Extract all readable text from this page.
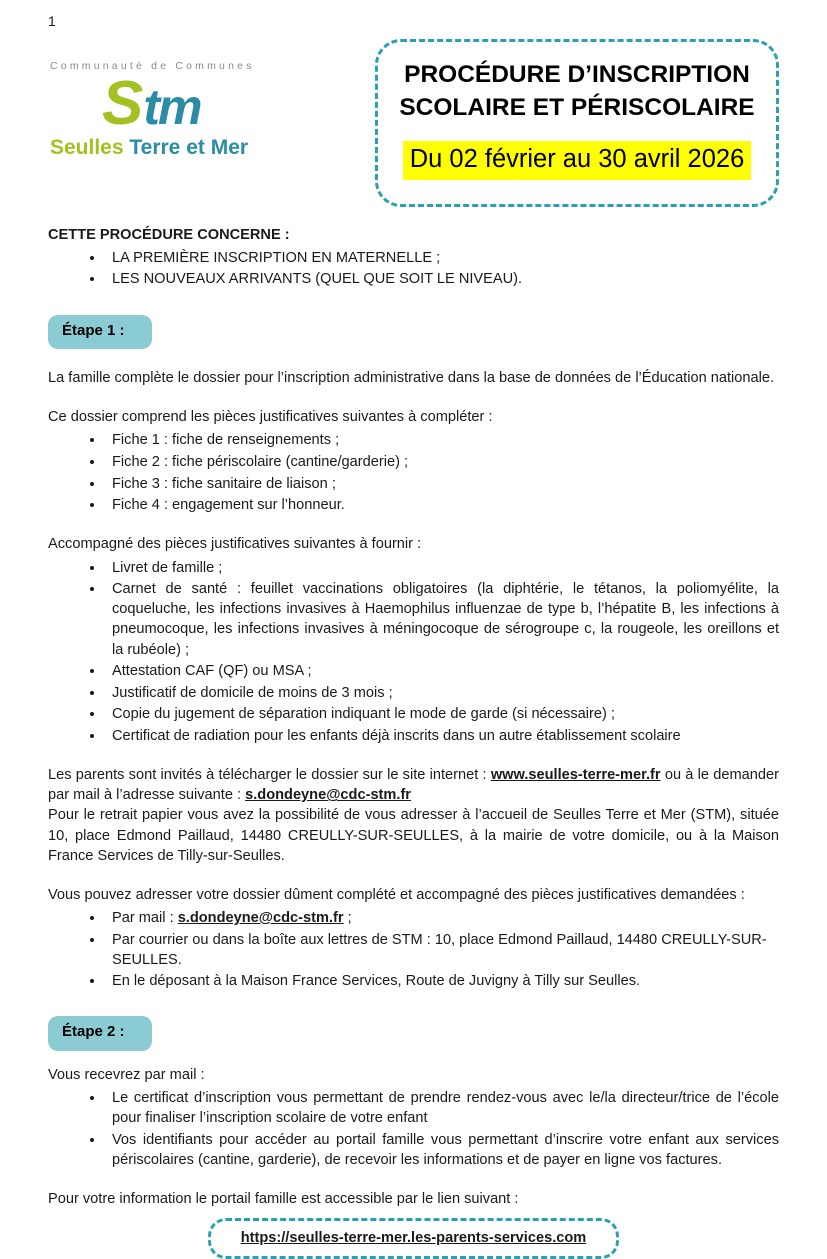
1
Communauté de Communes
Stm
Seulles Terre et Mer
PROCÉDURE D’INSCRIPTION
SCOLAIRE ET PÉRISCOLAIRE
Du 02 février au 30 avril 2026
CETTE PROCÉDURE CONCERNE :
• LA PREMIÈRE INSCRIPTION EN MATERNELLE ;
• LES NOUVEAUX ARRIVANTS (QUEL QUE SOIT LE NIVEAU).
Étape 1 :

La famille complète le dossier pour l’inscription administrative dans la base de données de l’Éducation nationale.

Ce dossier comprend les pièces justificatives suivantes à compléter :

• Fiche 1 : fiche de renseignements ;
• Fiche 2 : fiche périscolaire (cantine/garderie) ;
• Fiche 3 : fiche sanitaire de liaison ;
• Fiche 4 : engagement sur l’honneur.

Accompagné des pièces justificatives suivantes à fournir :

• Livret de famille ;
• Carnet de santé : feuillet vaccinations obligatoires (la diphtérie, le tétanos, la poliomyélite, la coqueluche, les infections invasives à Haemophilus influenzae de type b, l’hépatite B, les infections à pneumocoque, les infections invasives à méningocoque de sérogroupe c, la rougeole, les oreillons et la rubéole) ;
• Attestation CAF (QF) ou MSA ;
• Justificatif de domicile de moins de 3 mois ;
• Copie du jugement de séparation indiquant le mode de garde (si nécessaire) ;
• Certificat de radiation pour les enfants déjà inscrits dans un autre établissement scolaire

Les parents sont invités à télécharger le dossier sur le site internet : www.seulles-terre-mer.fr ou à le demander par mail à l’adresse suivante : s.dondeyne@cdc-stm.fr

Pour le retrait papier vous avez la possibilité de vous adresser à l’accueil de Seulles Terre et Mer (STM), située 10, place Edmond Paillaud, 14480 CREULLY-SUR-SEULLES, à la mairie de votre domicile, ou à la Maison France Services de Tilly-sur-Seulles.

Vous pouvez adresser votre dossier dûment complété et accompagné des pièces justificatives demandées :

• Par mail : s.dondeyne@cdc-stm.fr ;
• Par courrier ou dans la boîte aux lettres de STM : 10, place Edmond Paillaud, 14480 CREULLY-SUR-SEULLES.
• En le déposant à la Maison France Services, Route de Juvigny à Tilly sur Seulles.
Étape 2 :

Vous recevrez par mail :

• Le certificat d’inscription vous permettant de prendre rendez-vous avec le/la directeur/trice de l’école pour finaliser l’inscription scolaire de votre enfant
• Vos identifiants pour accéder au portail famille vous permettant d’inscrire votre enfant aux services périscolaires (cantine, garderie), de recevoir les informations et de payer en ligne vos factures.

Pour votre information le portail famille est accessible par le lien suivant :

https://seulles-terre-mer.les-parents-services.com
